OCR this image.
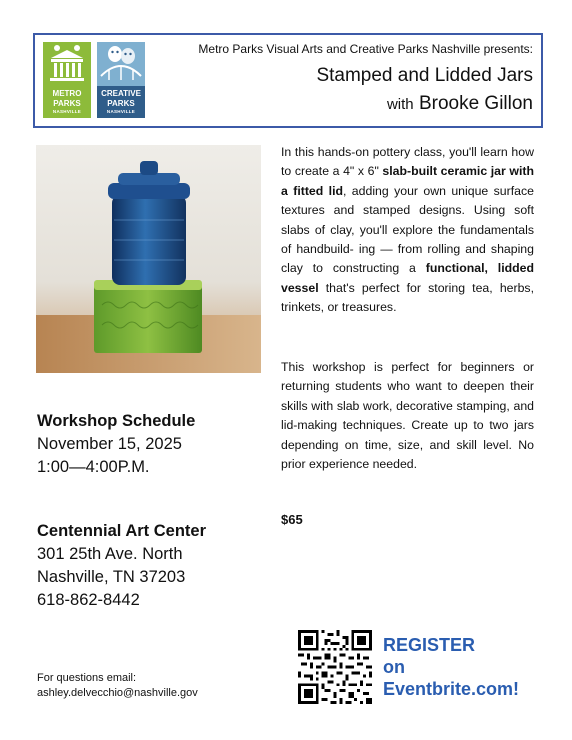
METRO
PARKS
NASHVILLE
CREATIVE
PARKS
NASHVILLE
Metro Parks Visual Arts and Creative Parks Nashville presents:
Stamped and Lidded Jars
with Brooke Gillon

In this hands-on pottery class, you'll learn how to create a 4" x 6" slab-built ceramic jar with a fitted lid, adding your own unique surface textures and stamped designs. Using soft slabs of clay, you'll explore the fundamentals of handbuild- ing — from rolling and shaping clay to constructing a functional, lidded vessel that's perfect for storing tea, herbs, trinkets, or treasures.

This workshop is perfect for beginners or returning students who want to deepen their skills with slab work, decorative stamping, and lid-making techniques. Create up to two jars depending on time, size, and skill level. No prior experience needed.

$65
Workshop Schedule
November 15, 2025
1:00—4:00P.M.
Centennial Art Center
301 25th Ave. North
Nashville, TN 37203
618-862-8442
For questions email:
ashley.delvecchio@nashville.gov
REGISTER
on
Eventbrite.com!
